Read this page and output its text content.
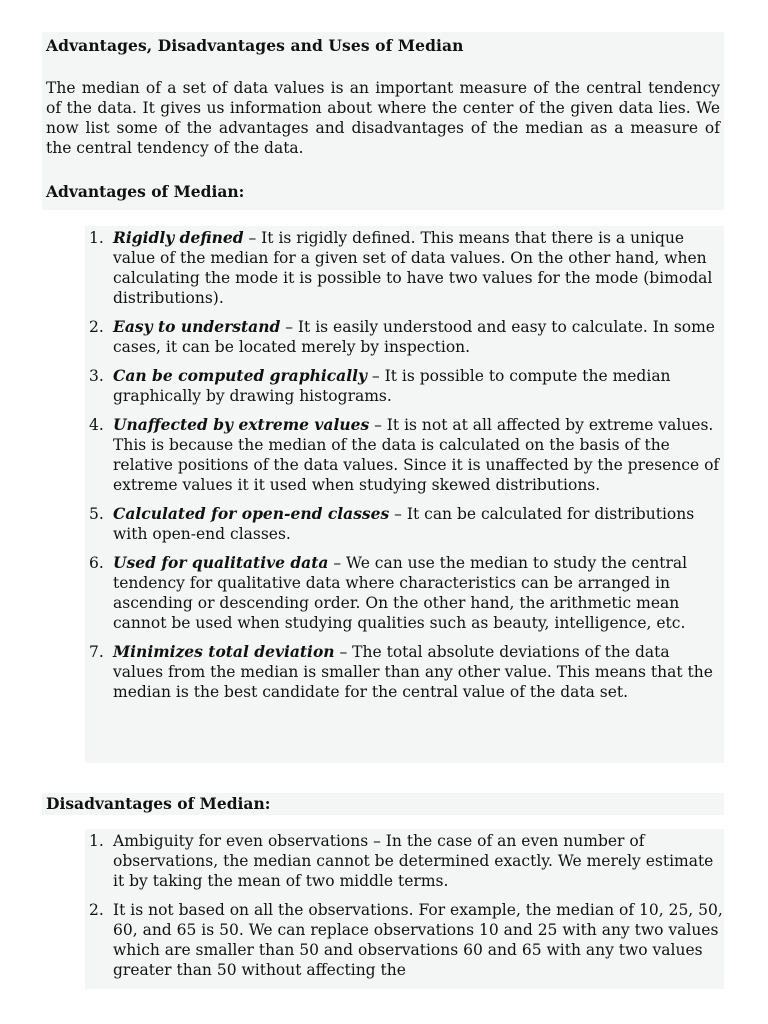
Advantages, Disadvantages and Uses of Median

The median of a set of data values is an important measure of the central tendency of the data. It gives us information about where the center of the given data lies. We now list some of the advantages and disadvantages of the median as a measure of the central tendency of the data.

Advantages of Median:
1. Rigidly defined – It is rigidly defined. This means that there is a unique value of the median for a given set of data values. On the other hand, when calculating the mode it is possible to have two values for the mode (bimodal distributions).
2. Easy to understand – It is easily understood and easy to calculate. In some cases, it can be located merely by inspection.
3. Can be computed graphically – It is possible to compute the median graphically by drawing histograms.
4. Unaffected by extreme values – It is not at all affected by extreme values. This is because the median of the data is calculated on the basis of the relative positions of the data values. Since it is unaffected by the presence of extreme values it it used when studying skewed distributions.
5. Calculated for open-end classes – It can be calculated for distributions with open-end classes.
6. Used for qualitative data – We can use the median to study the central tendency for qualitative data where characteristics can be arranged in ascending or descending order. On the other hand, the arithmetic mean cannot be used when studying qualities such as beauty, intelligence, etc.
7. Minimizes total deviation – The total absolute deviations of the data values from the median is smaller than any other value. This means that the median is the best candidate for the central value of the data set.
Disadvantages of Median:
1. Ambiguity for even observations – In the case of an even number of observations, the median cannot be determined exactly. We merely estimate it by taking the mean of two middle terms.
2. It is not based on all the observations. For example, the median of 10, 25, 50, 60, and 65 is 50. We can replace observations 10 and 25 with any two values which are smaller than 50 and observations 60 and 65 with any two values greater than 50 without affecting the
